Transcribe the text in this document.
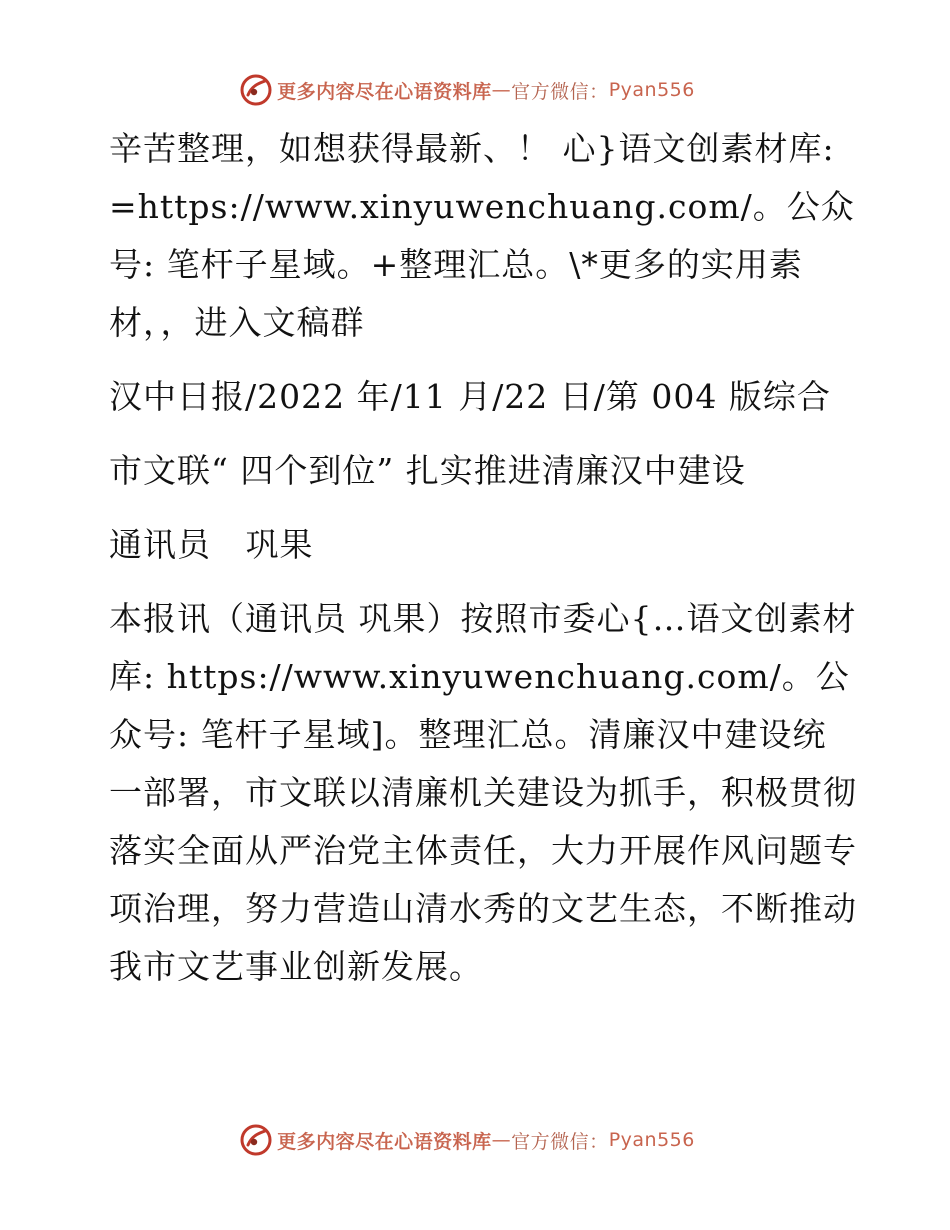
更多内容尽在心语资料库 — 官方微信： Pyan556

辛苦整理，如想获得最新、！ 心}语文创素材库: =https://www.xinyuwenchuang.com/。公众号: 笔杆子星域。+整理汇总。\*更多的实用素材，，进入文稿群

汉中日报/2022 年/11 月/22 日/第 004 版综合

市文联“ 四个到位” 扎实推进清廉汉中建设

通讯员   巩果

本报讯（通讯员 巩果）按照市委心{…语文创素材库: https://www.xinyuwenchuang.com/。公众号: 笔杆子星域]。整理汇总。清廉汉中建设统一部署，市文联以清廉机关建设为抓手，积极贯彻落实全面从严治党主体责任，大力开展作风问题专项治理，努力营造山清水秀的文艺生态，不断推动我市文艺事业创新发展。

更多内容尽在心语资料库 — 官方微信： Pyan556
